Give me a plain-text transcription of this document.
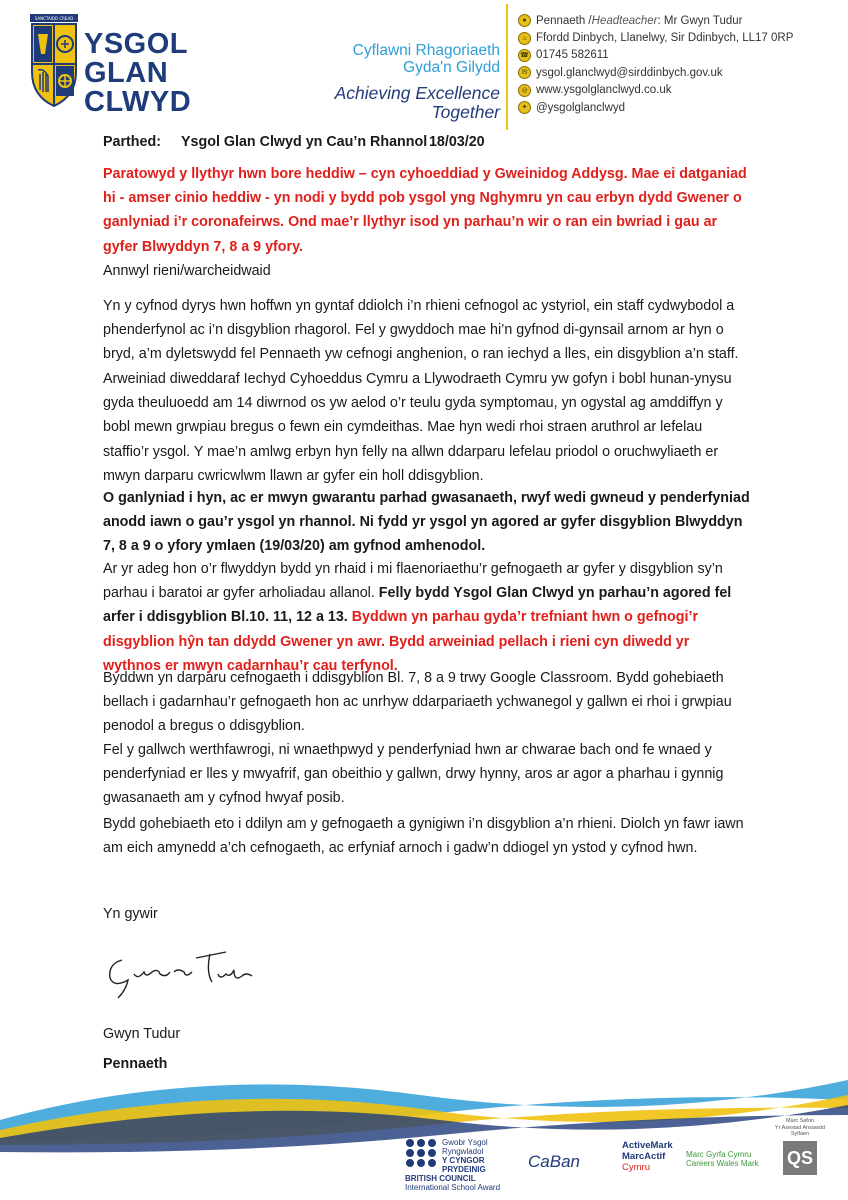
SANCTAIDD CREAD
YSGOL
GLAN
CLWYD
Cyflawni Rhagoriaeth
Gyda'n Gilydd
Achieving Excellence
Together
● Pennaeth / Headteacher : Mr Gwyn Tudur
⌂ Ffordd Dinbych, Llanelwy, Sir Ddinbych, LL17 0RP
☎ 01745 582611
✉ ysgol.glanclwyd@sirddinbych.gov.uk
◎ www.ysgolglanclwyd.co.uk
✦ @ysgolglanclwyd
Parthed: Ysgol Glan Clwyd yn Cau’n Rhannol 18/03/20

Paratowyd y llythyr hwn bore heddiw – cyn cyhoeddiad y Gweinidog Addysg. Mae ei datganiad hi - amser cinio heddiw - yn nodi y bydd pob ysgol yng Nghymru yn cau erbyn dydd Gwener o ganlyniad i’r coronafeirws. Ond mae’r llythyr isod yn parhau’n wir o ran ein bwriad i gau ar gyfer Blwyddyn 7, 8 a 9 yfory.

Annwyl rieni/warcheidwaid

Yn y cyfnod dyrys hwn hoffwn yn gyntaf ddiolch i’n rhieni cefnogol ac ystyriol, ein staff cydwybodol a phenderfynol ac i’n disgyblion rhagorol. Fel y gwyddoch mae hi’n gyfnod di-gynsail arnom ar hyn o bryd, a’m dyletswydd fel Pennaeth yw cefnogi anghenion, o ran iechyd a lles, ein disgyblion a’n staff.

Arweiniad diweddaraf Iechyd Cyhoeddus Cymru a Llywodraeth Cymru yw gofyn i bobl hunan-ynysu gyda theuluoedd am 14 diwrnod os yw aelod o’r teulu gyda symptomau, yn ogystal ag amddiffyn y bobl mewn grwpiau bregus o fewn ein cymdeithas. Mae hyn wedi rhoi straen aruthrol ar lefelau staffio’r ysgol. Y mae’n amlwg erbyn hyn felly na allwn ddarparu lefelau priodol o oruchwyliaeth er mwyn darparu cwricwlwm llawn ar gyfer ein holl ddisgyblion.

O ganlyniad i hyn, ac er mwyn gwarantu parhad gwasanaeth, rwyf wedi gwneud y penderfyniad anodd iawn o gau’r ysgol yn rhannol. Ni fydd yr ysgol yn agored ar gyfer disgyblion Blwyddyn 7, 8 a 9 o yfory ymlaen (19/03/20) am gyfnod amhenodol.

Ar yr adeg hon o’r flwyddyn bydd yn rhaid i mi flaenoriaethu’r gefnogaeth ar gyfer y disgyblion sy’n parhau i baratoi ar gyfer arholiadau allanol. Felly bydd Ysgol Glan Clwyd yn parhau’n agored fel arfer i ddisgyblion Bl.10. 11, 12 a 13. Byddwn yn parhau gyda’r trefniant hwn o gefnogi’r disgyblion hŷn tan ddydd Gwener yn awr. Bydd arweiniad pellach i rieni cyn diwedd yr wythnos er mwyn cadarnhau’r cau terfynol.

Byddwn yn darparu cefnogaeth i ddisgyblion Bl. 7, 8 a 9 trwy Google Classroom. Bydd gohebiaeth bellach i gadarnhau’r gefnogaeth hon ac unrhyw ddarpariaeth ychwanegol y gallwn ei rhoi i grwpiau penodol a bregus o ddisgyblion.

Fel y gallwch werthfawrogi, ni wnaethpwyd y penderfyniad hwn ar chwarae bach ond fe wnaed y penderfyniad er lles y mwyafrif, gan obeithio y gallwn, drwy hynny, aros ar agor a pharhau i gynnig gwasanaeth am y cyfnod hwyaf posib.

Bydd gohebiaeth eto i ddilyn am y gefnogaeth a gynigiwn i’n disgyblion a’n rhieni. Diolch yn fawr iawn am eich amynedd a’ch cefnogaeth, ac erfyniaf arnoch i gadw’n ddiogel yn ystod y cyfnod hwn.

Yn gywir

Gwyn Tudur

Gwyn Tudur

Pennaeth

Gwobr Ysgol Ryngwladol
Y CYNGOR PRYDEINIG
BRITISH COUNCIL
International School Award
CaBan
ActiveMark
MarcActif
Cymru
Marc Gyrfa Cymru
Careers Wales Mark
Marc Safon
Yr Asesiad Ansawdd Sylfaen
QS
